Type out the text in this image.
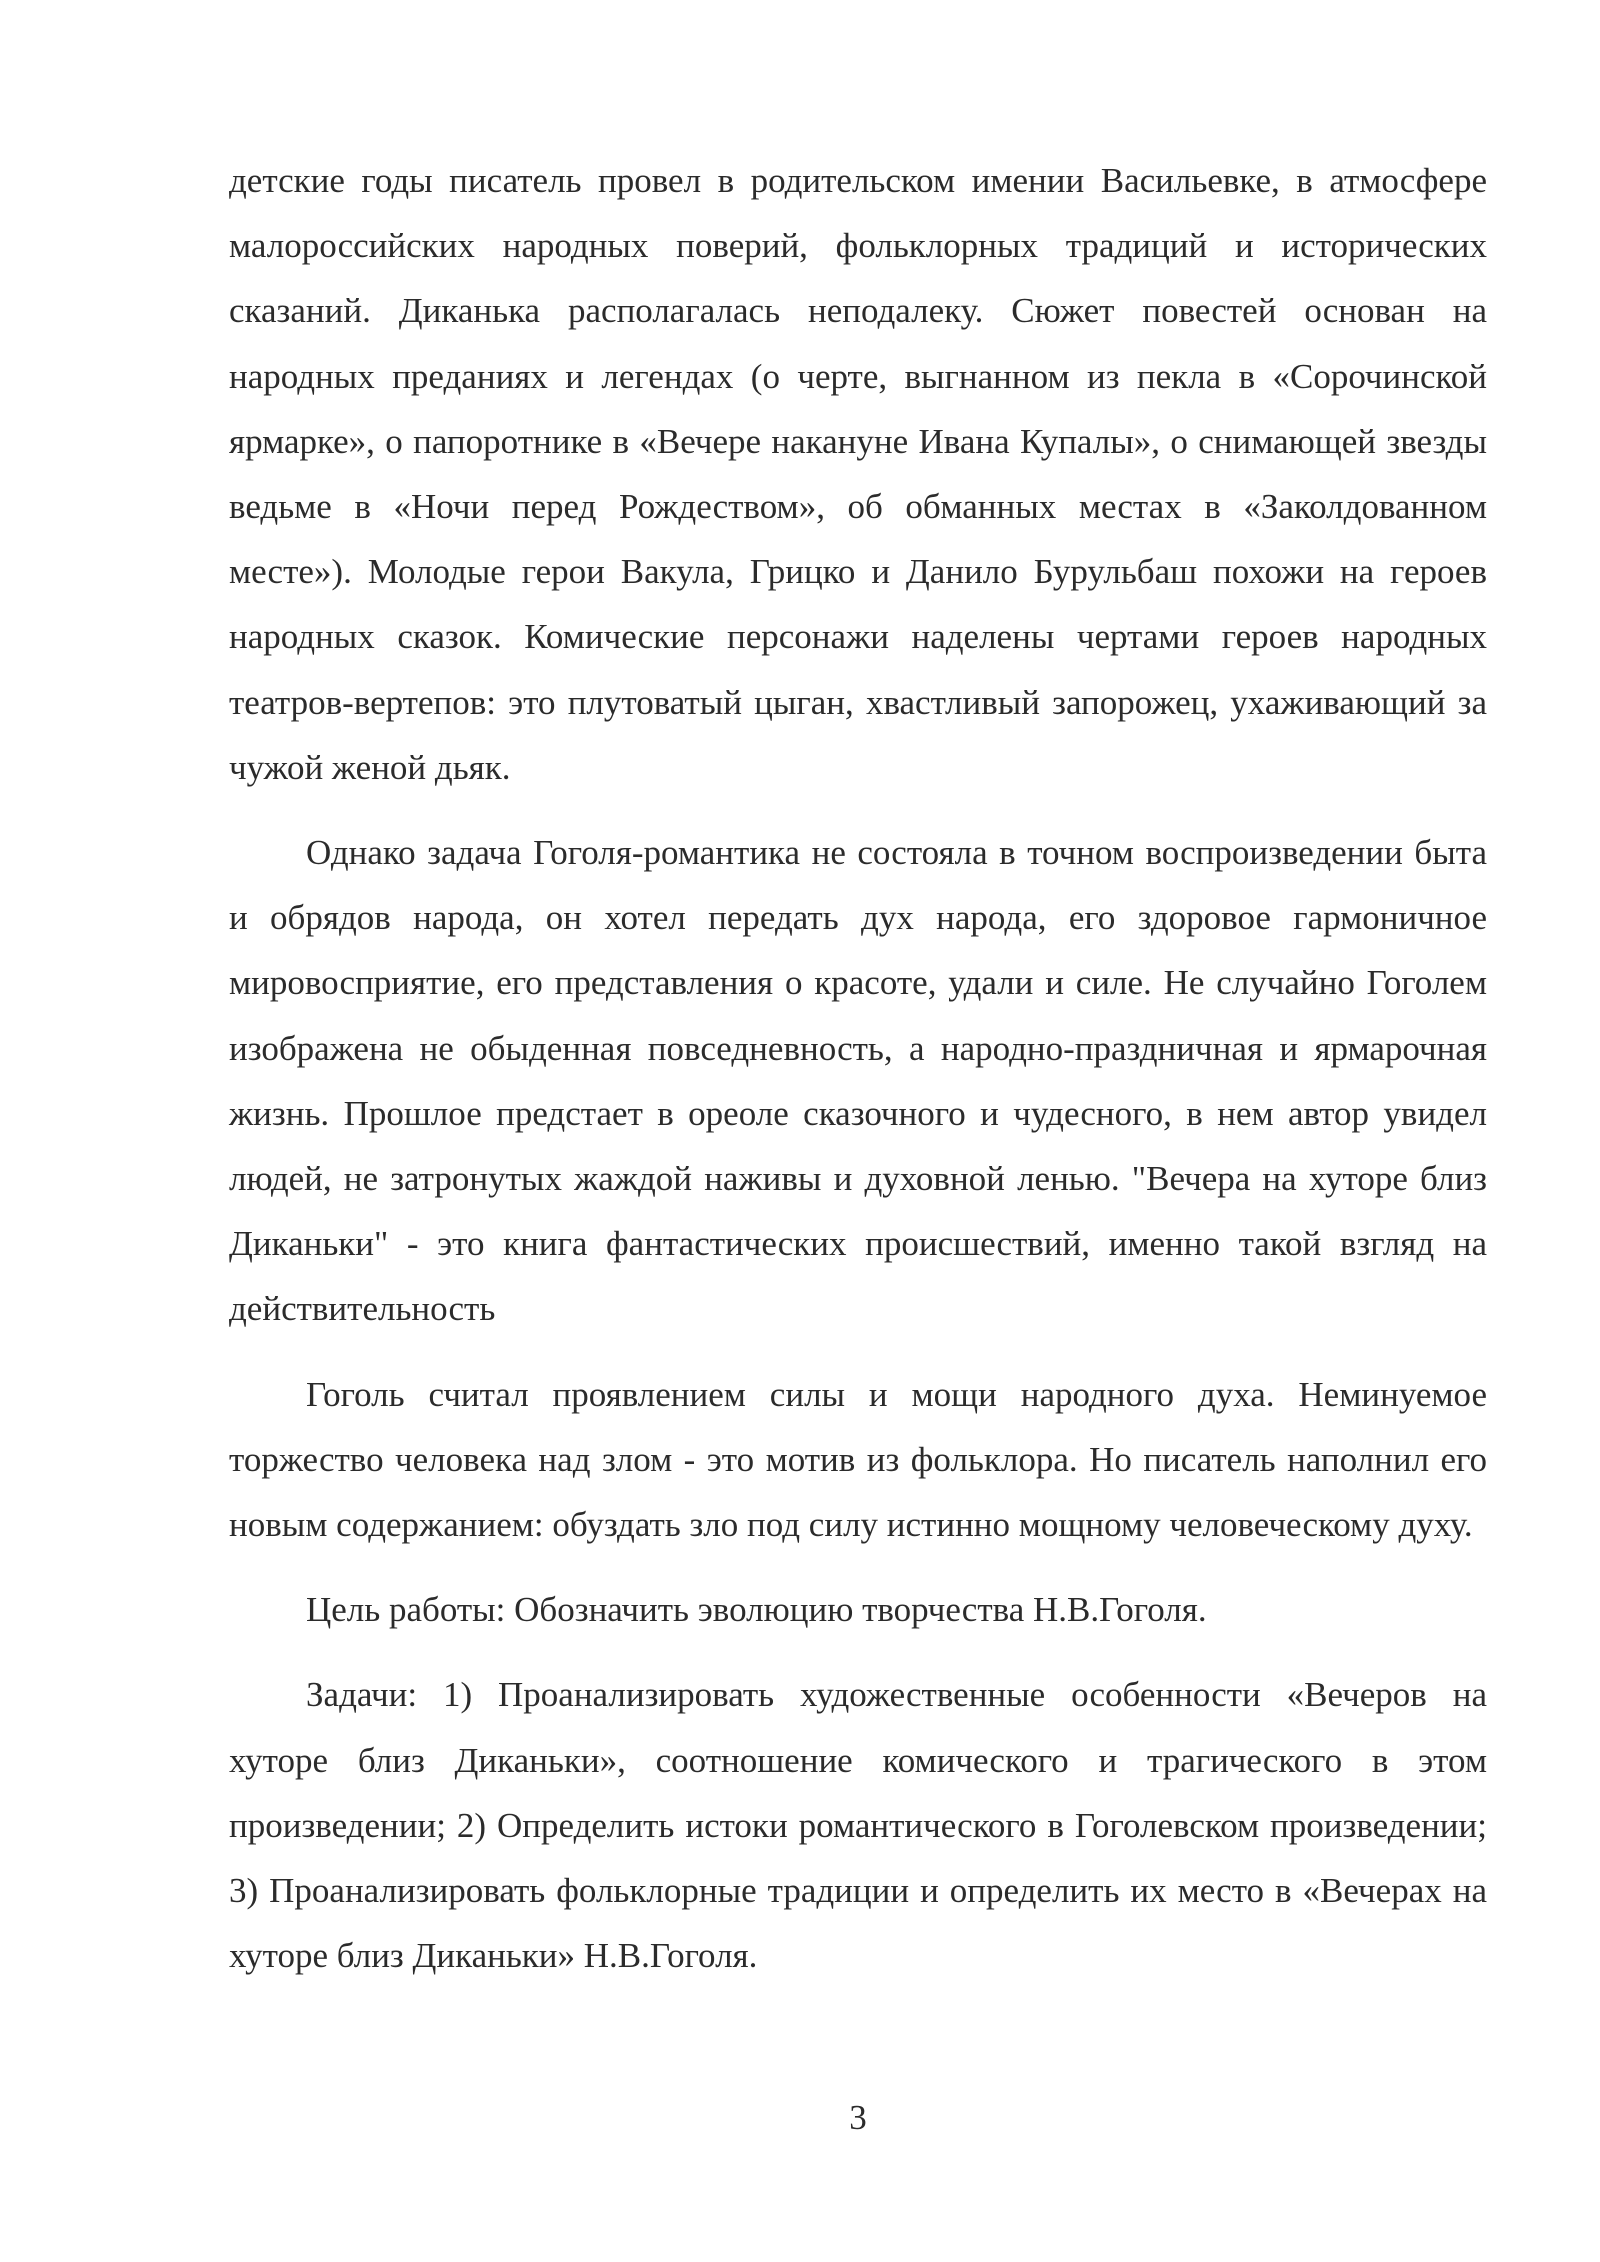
детские годы писатель провел в родительском имении Васильевке, в атмосфере малороссийских народных поверий, фольклорных традиций и исторических сказаний. Диканька располагалась неподалеку. Сюжет повестей основан на народных преданиях и легендах (о черте, выгнанном из пекла в «Сорочинской ярмарке», о папоротнике в «Вечере накануне Ивана Купалы», о снимающей звезды ведьме в «Ночи перед Рождеством», об обманных местах в «Заколдованном месте»). Молодые герои Вакула, Грицко и Данило Бурульбаш похожи на героев народных сказок. Комические персонажи наделены чертами героев народных театров-вертепов: это плутоватый цыган, хвастливый запорожец, ухаживающий за чужой женой дьяк.

Однако задача Гоголя-романтика не состояла в точном воспроизведении быта и обрядов народа, он хотел передать дух народа, его здоровое гармоничное мировосприятие, его представления о красоте, удали и силе. Не случайно Гоголем изображена не обыденная повседневность, а народно-праздничная и ярмарочная жизнь. Прошлое предстает в ореоле сказочного и чудесного, в нем автор увидел людей, не затронутых жаждой наживы и духовной ленью. "Вечера на хуторе близ Диканьки" - это книга фантастических происшествий, именно такой взгляд на действительность

Гоголь считал проявлением силы и мощи народного духа. Неминуемое торжество человека над злом - это мотив из фольклора. Но писатель наполнил его новым содержанием: обуздать зло под силу истинно мощному человеческому духу.

Цель работы: Обозначить эволюцию творчества Н.В.Гоголя.

Задачи: 1) Проанализировать художественные особенности «Вечеров на хуторе близ Диканьки», соотношение комического и трагического в этом произведении; 2) Определить истоки романтического в Гоголевском произведении; 3) Проанализировать фольклорные традиции и определить их место в «Вечерах на хуторе близ Диканьки» Н.В.Гоголя.

3
